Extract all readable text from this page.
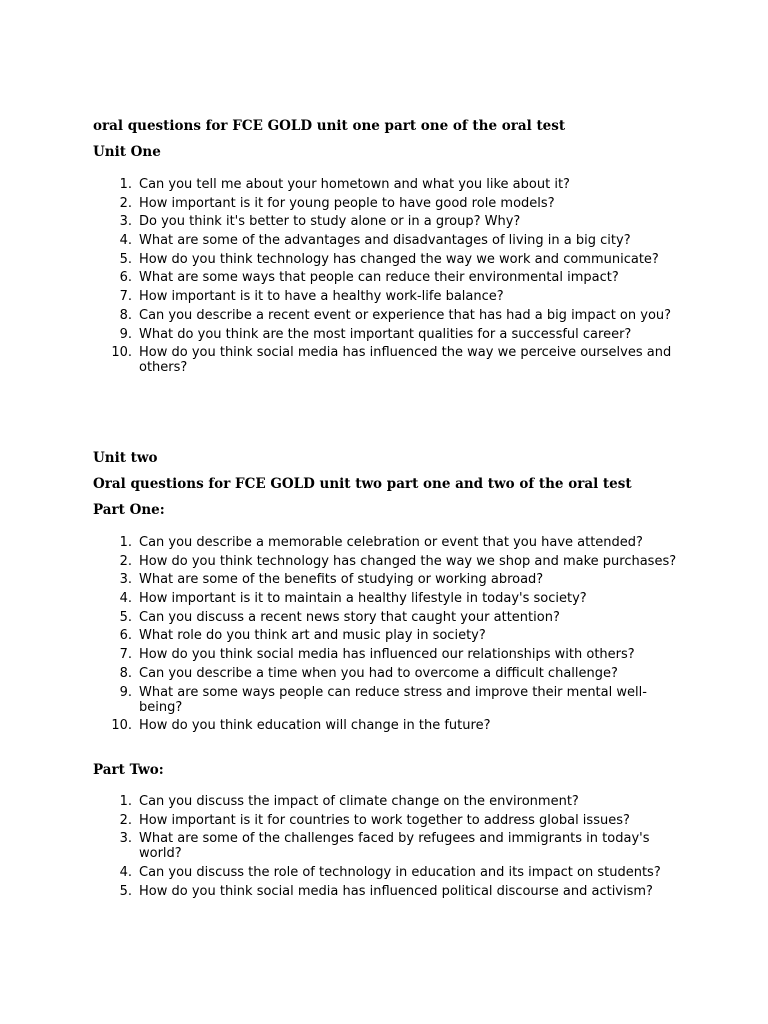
oral questions for FCE GOLD unit one part one of the oral test
Unit One
1. Can you tell me about your hometown and what you like about it?
2. How important is it for young people to have good role models?
3. Do you think it's better to study alone or in a group? Why?
4. What are some of the advantages and disadvantages of living in a big city?
5. How do you think technology has changed the way we work and communicate?
6. What are some ways that people can reduce their environmental impact?
7. How important is it to have a healthy work-life balance?
8. Can you describe a recent event or experience that has had a big impact on you?
9. What do you think are the most important qualities for a successful career?
10. How do you think social media has influenced the way we perceive ourselves and others?
Unit two
Oral questions for FCE GOLD unit two part one and two of the oral test
Part One:
1. Can you describe a memorable celebration or event that you have attended?
2. How do you think technology has changed the way we shop and make purchases?
3. What are some of the benefits of studying or working abroad?
4. How important is it to maintain a healthy lifestyle in today's society?
5. Can you discuss a recent news story that caught your attention?
6. What role do you think art and music play in society?
7. How do you think social media has influenced our relationships with others?
8. Can you describe a time when you had to overcome a difficult challenge?
9. What are some ways people can reduce stress and improve their mental well-being?
10. How do you think education will change in the future?
Part Two:
1. Can you discuss the impact of climate change on the environment?
2. How important is it for countries to work together to address global issues?
3. What are some of the challenges faced by refugees and immigrants in today's world?
4. Can you discuss the role of technology in education and its impact on students?
5. How do you think social media has influenced political discourse and activism?
